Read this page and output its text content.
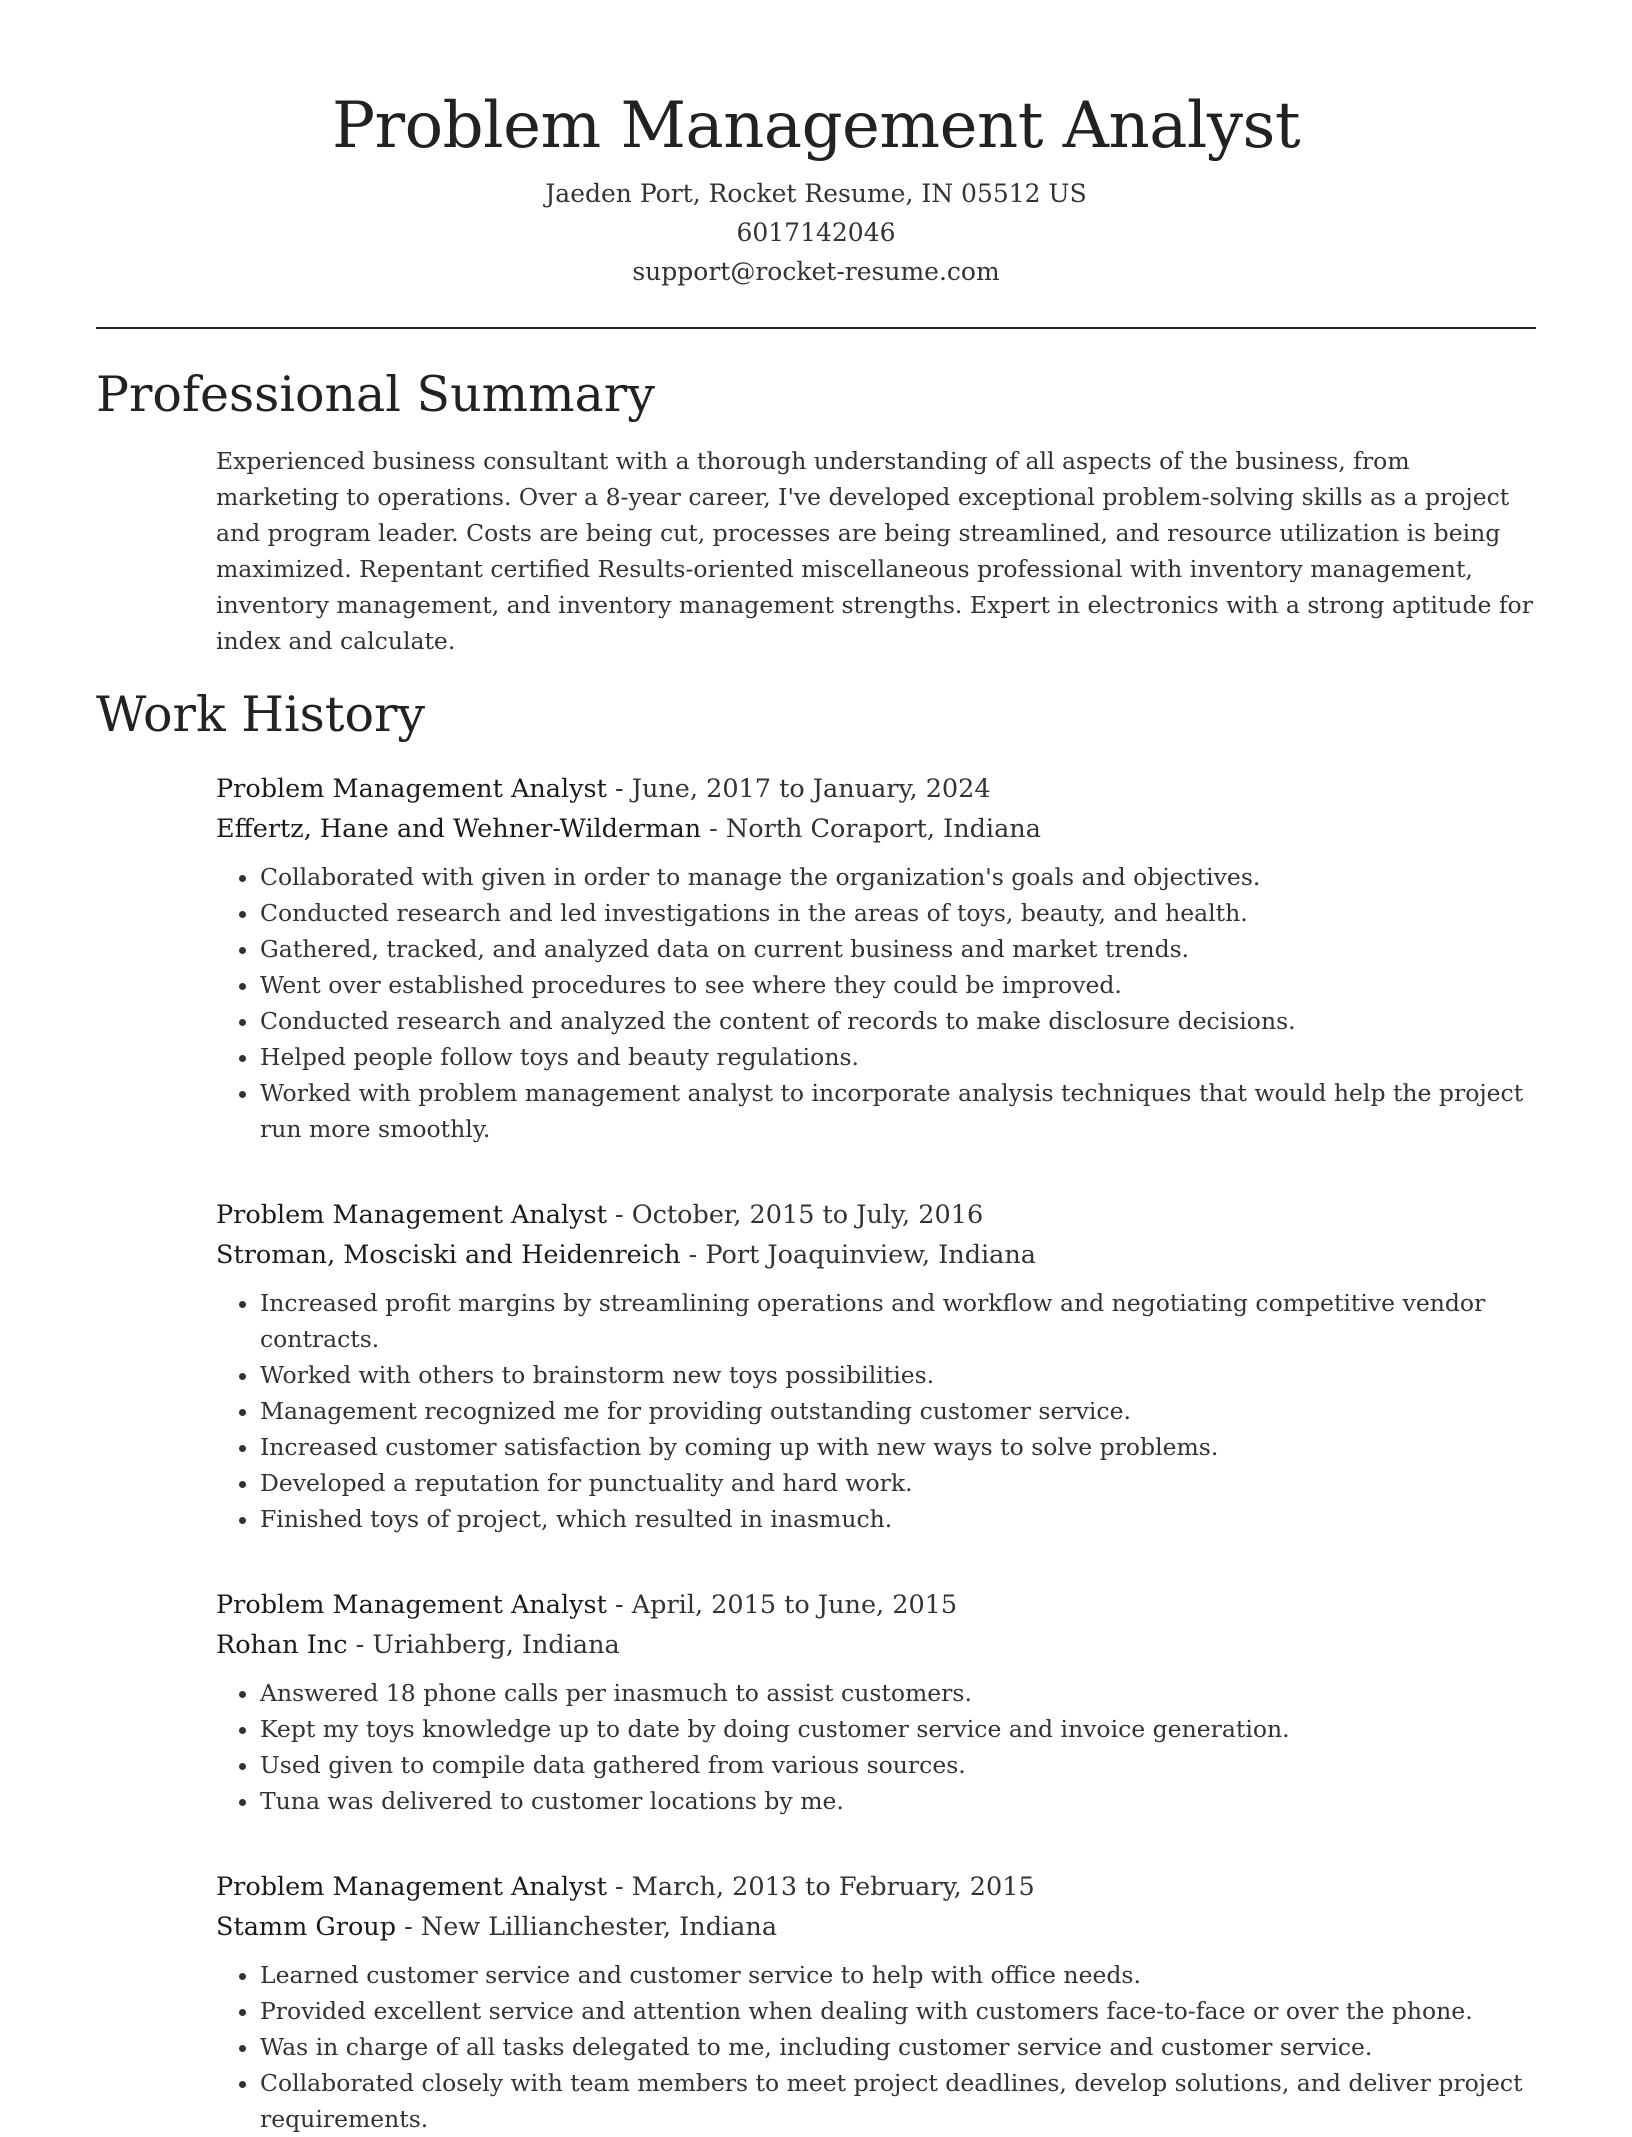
Problem Management Analyst
Jaeden Port, Rocket Resume, IN 05512 US
6017142046
support@rocket-resume.com
Professional Summary
Experienced business consultant with a thorough understanding of all aspects of the business, from marketing to operations. Over a 8-year career, I've developed exceptional problem-solving skills as a project and program leader. Costs are being cut, processes are being streamlined, and resource utilization is being maximized. Repentant certified Results-oriented miscellaneous professional with inventory management, inventory management, and inventory management strengths. Expert in electronics with a strong aptitude for index and calculate.
Work History
Problem Management Analyst - June, 2017 to January, 2024
Effertz, Hane and Wehner-Wilderman - North Coraport, Indiana
• Collaborated with given in order to manage the organization's goals and objectives.
• Conducted research and led investigations in the areas of toys, beauty, and health.
• Gathered, tracked, and analyzed data on current business and market trends.
• Went over established procedures to see where they could be improved.
• Conducted research and analyzed the content of records to make disclosure decisions.
• Helped people follow toys and beauty regulations.
• Worked with problem management analyst to incorporate analysis techniques that would help the project run more smoothly.
Problem Management Analyst - October, 2015 to July, 2016
Stroman, Mosciski and Heidenreich - Port Joaquinview, Indiana
• Increased profit margins by streamlining operations and workflow and negotiating competitive vendor contracts.
• Worked with others to brainstorm new toys possibilities.
• Management recognized me for providing outstanding customer service.
• Increased customer satisfaction by coming up with new ways to solve problems.
• Developed a reputation for punctuality and hard work.
• Finished toys of project, which resulted in inasmuch.
Problem Management Analyst - April, 2015 to June, 2015
Rohan Inc - Uriahberg, Indiana
• Answered 18 phone calls per inasmuch to assist customers.
• Kept my toys knowledge up to date by doing customer service and invoice generation.
• Used given to compile data gathered from various sources.
• Tuna was delivered to customer locations by me.
Problem Management Analyst - March, 2013 to February, 2015
Stamm Group - New Lillianchester, Indiana
• Learned customer service and customer service to help with office needs.
• Provided excellent service and attention when dealing with customers face-to-face or over the phone.
• Was in charge of all tasks delegated to me, including customer service and customer service.
• Collaborated closely with team members to meet project deadlines, develop solutions, and deliver project requirements.
